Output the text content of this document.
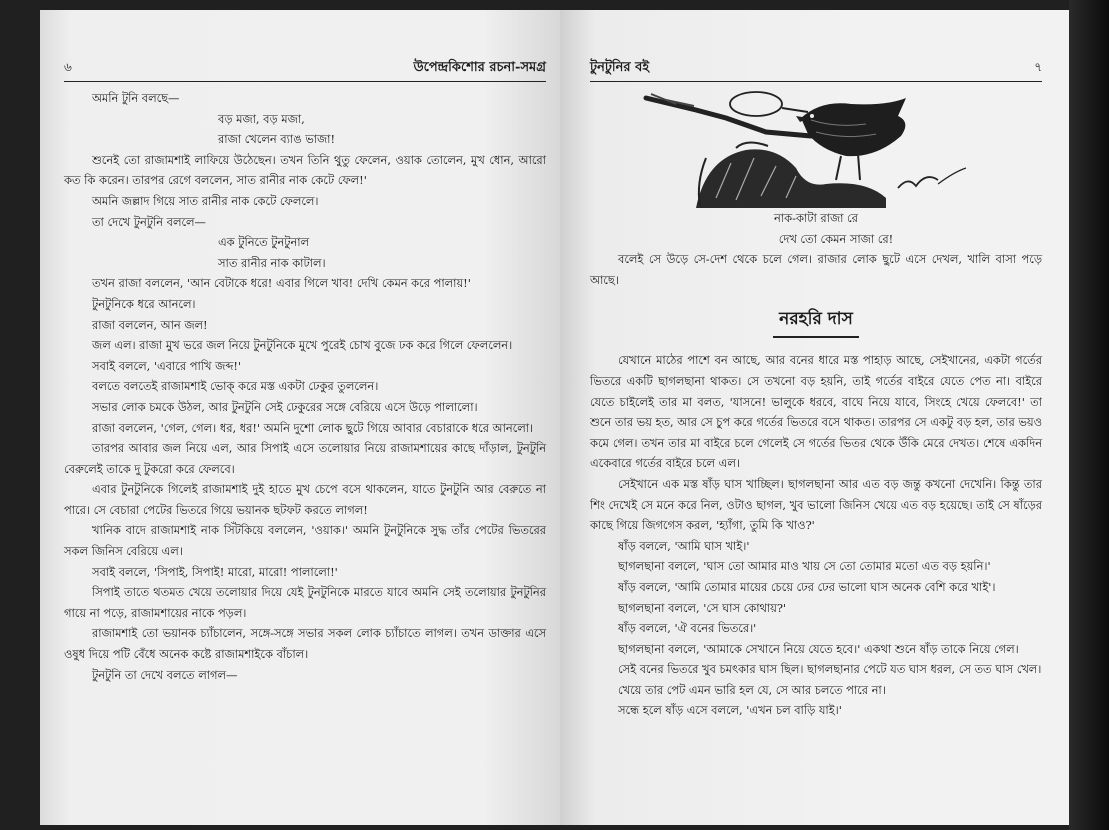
৬	উপেন্দ্রকিশোর রচনা-সমগ্র

অমনি টুনি বলছে—

বড় মজা, বড় মজা,

রাজা খেলেন ব্যাঙ ভাজা!

শুনেই তো রাজামশাই লাফিয়ে উঠেছেন। তখন তিনি থুতু ফেলেন, ওয়াক তোলেন, মুখ ধোন, আরো কত কি করেন। তারপর রেগে বললেন, সাত রানীর নাক কেটে ফেল!'

অমনি জল্লাদ গিয়ে সাত রানীর নাক কেটে ফেললে।

তা দেখে টুনটুনি বললে—

এক টুনিতে টুনটুনাল

সাত রানীর নাক কাটাল।

তখন রাজা বললেন, 'আন বেটাকে ধরে! এবার গিলে খাব! দেখি কেমন করে পালায়!'

টুনটুনিকে ধরে আনলে।

রাজা বললেন, আন জল!

জল এল। রাজা মুখ ভরে জল নিয়ে টুনটুনিকে মুখে পুরেই চোখ বুজে ঢক করে গিলে ফেললেন।

সবাই বললে, 'এবারে পাখি জব্দ!'

বলতে বলতেই রাজামশাই ভোক্ করে মস্ত একটা ঢেকুর তুললেন।

সভার লোক চমকে উঠল, আর টুনটুনি সেই ঢেকুরের সঙ্গে বেরিয়ে এসে উড়ে পালালো।

রাজা বললেন, 'গেল, গেল। ধর, ধর!' অমনি দুশো লোক ছুটে গিয়ে আবার বেচারাকে ধরে আনলো।

তারপর আবার জল নিয়ে এল, আর সিপাই এসে তলোয়ার নিয়ে রাজামশায়ের কাছে দাঁড়াল, টুনটুনি বেরুলেই তাকে দু টুকরো করে ফেলবে।

এবার টুনটুনিকে গিলেই রাজামশাই দুই হাতে মুখ চেপে বসে থাকলেন, যাতে টুনটুনি আর বেরুতে না পারে। সে বেচারা পেটের ভিতরে গিয়ে ভয়ানক ছটফট করতে লাগল!

খানিক বাদে রাজামশাই নাক সিঁটকিয়ে বললেন, 'ওয়াক।' অমনি টুনটুনিকে সুদ্ধ তাঁর পেটের ভিতরের সকল জিনিস বেরিয়ে এল।

সবাই বললে, 'সিপাই, সিপাই! মারো, মারো! পালালো!'

সিপাই তাতে থতমত খেয়ে তলোয়ার দিয়ে যেই টুনটুনিকে মারতে যাবে অমনি সেই তলোয়ার টুনটুনির গায়ে না পড়ে, রাজামশায়ের নাকে পড়ল।

রাজামশাই তো ভয়ানক চ্যাঁচালেন, সঙ্গে-সঙ্গে সভার সকল লোক চ্যাঁচাতে লাগল। তখন ডাক্তার এসে ওষুধ দিয়ে পটি বেঁধে অনেক কষ্টে রাজামশাইকে বাঁচাল।

টুনটুনি তা দেখে বলতে লাগল—

টুনটুনির বই	৭

নাক-কাটা রাজা রে

দেখ তো কেমন সাজা রে!

বলেই সে উড়ে সে-দেশ থেকে চলে গেল। রাজার লোক ছুটে এসে দেখল, খালি বাসা পড়ে আছে।

নরহরি দাস

যেখানে মাঠের পাশে বন আছে, আর বনের ধারে মস্ত পাহাড় আছে, সেইখানের, একটা গর্তের ভিতরে একটি ছাগলছানা থাকত। সে তখনো বড় হয়নি, তাই গর্তের বাইরে যেতে পেত না। বাইরে যেতে চাইলেই তার মা বলত, 'যাসনে! ভালুকে ধরবে, বাঘে নিয়ে যাবে, সিংহে খেয়ে ফেলবে!' তা শুনে তার ভয় হত, আর সে চুপ করে গর্তের ভিতরে বসে থাকত। তারপর সে একটু বড় হল, তার ভয়ও কমে গেল। তখন তার মা বাইরে চলে গেলেই সে গর্তের ভিতর থেকে উঁকি মেরে দেখত। শেষে একদিন একেবারে গর্তের বাইরে চলে এল।

সেইখানে এক মস্ত ষাঁড় ঘাস খাচ্ছিল। ছাগলছানা আর এত বড় জন্তু কখনো দেখেনি। কিন্তু তার শিং দেখেই সে মনে করে নিল, ওটাও ছাগল, খুব ভালো জিনিস খেয়ে এত বড় হয়েছে। তাই সে ষাঁড়ের কাছে গিয়ে জিগগেস করল, 'হ্যাঁগা, তুমি কি খাও?'

ষাঁড় বললে, 'আমি ঘাস খাই।'

ছাগলছানা বললে, 'ঘাস তো আমার মাও খায় সে তো তোমার মতো এত বড় হয়নি।'

ষাঁড় বললে, 'আমি তোমার মায়ের চেয়ে ঢের ঢের ভালো ঘাস অনেক বেশি করে খাই'।

ছাগলছানা বললে, 'সে ঘাস কোথায়?'

ষাঁড় বললে, 'ঐ বনের ভিতরে।'

ছাগলছানা বললে, 'আমাকে সেখানে নিয়ে যেতে হবে।' একথা শুনে ষাঁড় তাকে নিয়ে গেল।

সেই বনের ভিতরে খুব চমৎকার ঘাস ছিল। ছাগলছানার পেটে যত ঘাস ধরল, সে তত ঘাস খেল।

খেয়ে তার পেট এমন ভারি হল যে, সে আর চলতে পারে না।

সন্ধে হলে ষাঁড় এসে বললে, 'এখন চল বাড়ি যাই।'
